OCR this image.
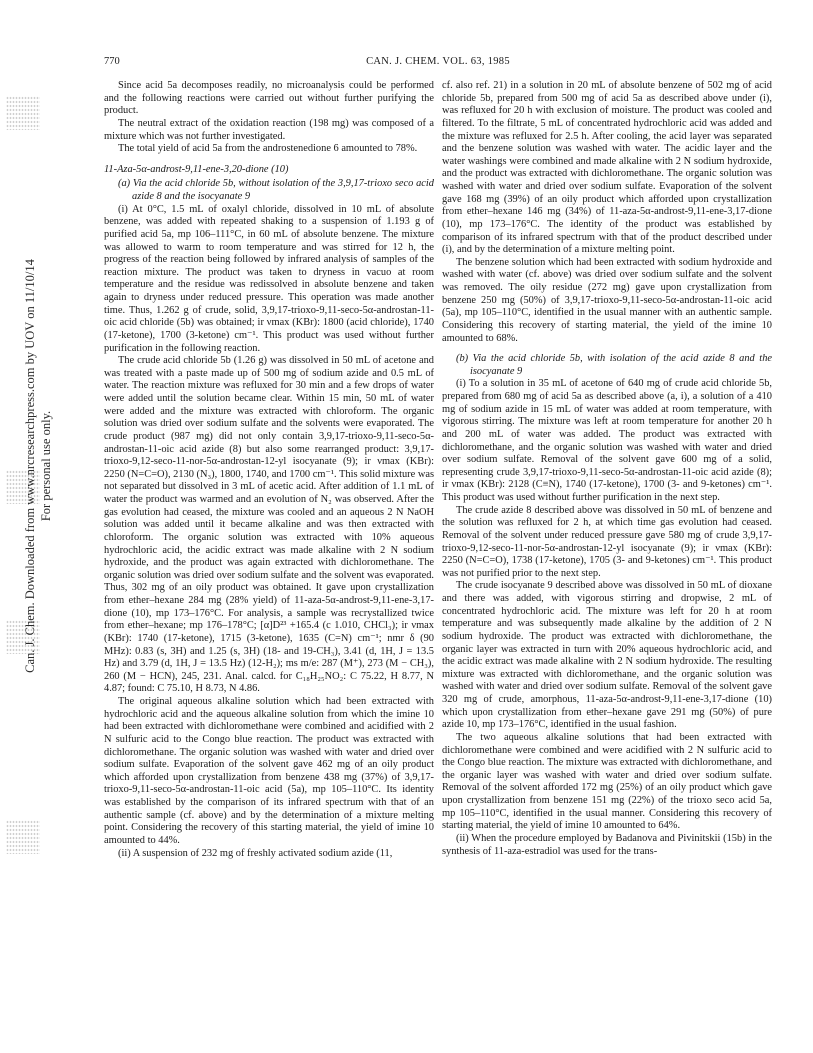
770	CAN. J. CHEM. VOL. 63, 1985
Can. J. Chem. Downloaded from www.nrcresearchpress.com by UOV on 11/10/14 For personal use only.

Since acid 5a decomposes readily, no microanalysis could be performed and the following reactions were carried out without further purifying the product.

The neutral extract of the oxidation reaction (198 mg) was composed of a mixture which was not further investigated.

The total yield of acid 5a from the androstenedione 6 amounted to 78%.

11-Aza-5α-androst-9,11-ene-3,20-dione (10)

(a) Via the acid chloride 5b, without isolation of the 3,9,17-trioxo seco acid azide 8 and the isocyanate 9

(i) At 0°C, 1.5 mL of oxalyl chloride, dissolved in 10 mL of absolute benzene, was added with repeated shaking to a suspension of 1.193 g of purified acid 5a, mp 106–111°C, in 60 mL of absolute benzene. The mixture was allowed to warm to room temperature and was stirred for 12 h, the progress of the reaction being followed by infrared analysis of samples of the reaction mixture. The product was taken to dryness in vacuo at room temperature and the residue was redissolved in absolute benzene and taken again to dryness under reduced pressure. This operation was made another time. Thus, 1.262 g of crude, solid, 3,9,17-trioxo-9,11-seco-5α-androstan-11-oic acid chloride (5b) was obtained; ir νmax (KBr): 1800 (acid chloride), 1740 (17-ketone), 1700 (3-ketone) cm⁻¹. This product was used without further purification in the following reaction.

The crude acid chloride 5b (1.26 g) was dissolved in 50 mL of acetone and was treated with a paste made up of 500 mg of sodium azide and 0.5 mL of water. The reaction mixture was refluxed for 30 min and a few drops of water were added until the solution became clear. Within 15 min, 50 mL of water were added and the mixture was extracted with chloroform. The organic solution was dried over sodium sulfate and the solvents were evaporated. The crude product (987 mg) did not only contain 3,9,17-trioxo-9,11-seco-5α-androstan-11-oic acid azide (8) but also some rearranged product: 3,9,17-trioxo-9,12-seco-11-nor-5α-androstan-12-yl isocyanate (9); ir νmax (KBr): 2250 (N=C=O), 2130 (N₃), 1800, 1740, and 1700 cm⁻¹. This solid mixture was not separated but dissolved in 3 mL of acetic acid. After addition of 1.1 mL of water the product was warmed and an evolution of N₂ was observed. After the gas evolution had ceased, the mixture was cooled and an aqueous 2 N NaOH solution was added until it became alkaline and was then extracted with chloroform. The organic solution was extracted with 10% aqueous hydrochloric acid, the acidic extract was made alkaline with 2 N sodium hydroxide, and the product was again extracted with dichloromethane. The organic solution was dried over sodium sulfate and the solvent was evaporated. Thus, 302 mg of an oily product was obtained. It gave upon crystallization from ether–hexane 284 mg (28% yield) of 11-aza-5α-androst-9,11-ene-3,17-dione (10), mp 173–176°C. For analysis, a sample was recrystallized twice from ether–hexane; mp 176–178°C; [α]D²³ +165.4 (c 1.010, CHCl₃); ir νmax (KBr): 1740 (17-ketone), 1715 (3-ketone), 1635 (C=N) cm⁻¹; nmr δ (90 MHz): 0.83 (s, 3H) and 1.25 (s, 3H) (18- and 19-CH₃), 3.41 (d, 1H, J = 13.5 Hz) and 3.79 (d, 1H, J = 13.5 Hz) (12-H₂); ms m/e: 287 (M⁺), 273 (M − CH₃), 260 (M − HCN), 245, 231. Anal. calcd. for C₁₈H₂₅NO₂: C 75.22, H 8.77, N 4.87; found: C 75.10, H 8.73, N 4.86.

The original aqueous alkaline solution which had been extracted with hydrochloric acid and the aqueous alkaline solution from which the imine 10 had been extracted with dichloromethane were combined and acidified with 2 N sulfuric acid to the Congo blue reaction. The product was extracted with dichloromethane. The organic solution was washed with water and dried over sodium sulfate. Evaporation of the solvent gave 462 mg of an oily product which afforded upon crystallization from benzene 438 mg (37%) of 3,9,17-trioxo-9,11-seco-5α-androstan-11-oic acid (5a), mp 105–110°C. Its identity was established by the comparison of its infrared spectrum with that of an authentic sample (cf. above) and by the determination of a mixture melting point. Considering the recovery of this starting material, the yield of imine 10 amounted to 44%.

(ii) A suspension of 232 mg of freshly activated sodium azide (11,

cf. also ref. 21) in a solution in 20 mL of absolute benzene of 502 mg of acid chloride 5b, prepared from 500 mg of acid 5a as described above under (i), was refluxed for 20 h with exclusion of moisture. The product was cooled and filtered. To the filtrate, 5 mL of concentrated hydrochloric acid was added and the mixture was refluxed for 2.5 h. After cooling, the acid layer was separated and the benzene solution was washed with water. The acidic layer and the water washings were combined and made alkaline with 2 N sodium hydroxide, and the product was extracted with dichloromethane. The organic solution was washed with water and dried over sodium sulfate. Evaporation of the solvent gave 168 mg (39%) of an oily product which afforded upon crystallization from ether–hexane 146 mg (34%) of 11-aza-5α-androst-9,11-ene-3,17-dione (10), mp 173–176°C. The identity of the product was established by comparison of its infrared spectrum with that of the product described under (i), and by the determination of a mixture melting point.

The benzene solution which had been extracted with sodium hydroxide and washed with water (cf. above) was dried over sodium sulfate and the solvent was removed. The oily residue (272 mg) gave upon crystallization from benzene 250 mg (50%) of 3,9,17-trioxo-9,11-seco-5α-androstan-11-oic acid (5a), mp 105–110°C, identified in the usual manner with an authentic sample. Considering this recovery of starting material, the yield of the imine 10 amounted to 68%.

(b) Via the acid chloride 5b, with isolation of the acid azide 8 and the isocyanate 9

(i) To a solution in 35 mL of acetone of 640 mg of crude acid chloride 5b, prepared from 680 mg of acid 5a as described above (a, i), a solution of a 410 mg of sodium azide in 15 mL of water was added at room temperature, with vigorous stirring. The mixture was left at room temperature for another 20 h and 200 mL of water was added. The product was extracted with dichloromethane, and the organic solution was washed with water and dried over sodium sulfate. Removal of the solvent gave 600 mg of a solid, representing crude 3,9,17-trioxo-9,11-seco-5α-androstan-11-oic acid azide (8); ir νmax (KBr): 2128 (C≡N), 1740 (17-ketone), 1700 (3- and 9-ketones) cm⁻¹. This product was used without further purification in the next step.

The crude azide 8 described above was dissolved in 50 mL of benzene and the solution was refluxed for 2 h, at which time gas evolution had ceased. Removal of the solvent under reduced pressure gave 580 mg of crude 3,9,17-trioxo-9,12-seco-11-nor-5α-androstan-12-yl isocyanate (9); ir νmax (KBr): 2250 (N=C=O), 1738 (17-ketone), 1705 (3- and 9-ketones) cm⁻¹. This product was not purified prior to the next step.

The crude isocyanate 9 described above was dissolved in 50 mL of dioxane and there was added, with vigorous stirring and dropwise, 2 mL of concentrated hydrochloric acid. The mixture was left for 20 h at room temperature and was subsequently made alkaline by the addition of 2 N sodium hydroxide. The product was extracted with dichloromethane, the organic layer was extracted in turn with 20% aqueous hydrochloric acid, and the acidic extract was made alkaline with 2 N sodium hydroxide. The resulting mixture was extracted with dichloromethane, and the organic solution was washed with water and dried over sodium sulfate. Removal of the solvent gave 320 mg of crude, amorphous, 11-aza-5α-androst-9,11-ene-3,17-dione (10) which upon crystallization from ether–hexane gave 291 mg (50%) of pure azide 10, mp 173–176°C, identified in the usual fashion.

The two aqueous alkaline solutions that had been extracted with dichloromethane were combined and were acidified with 2 N sulfuric acid to the Congo blue reaction. The mixture was extracted with dichloromethane, and the organic layer was washed with water and dried over sodium sulfate. Removal of the solvent afforded 172 mg (25%) of an oily product which gave upon crystallization from benzene 151 mg (22%) of the trioxo seco acid 5a, mp 105–110°C, identified in the usual manner. Considering this recovery of starting material, the yield of imine 10 amounted to 64%.

(ii) When the procedure employed by Badanova and Pivinitskii (15b) in the synthesis of 11-aza-estradiol was used for the trans-
